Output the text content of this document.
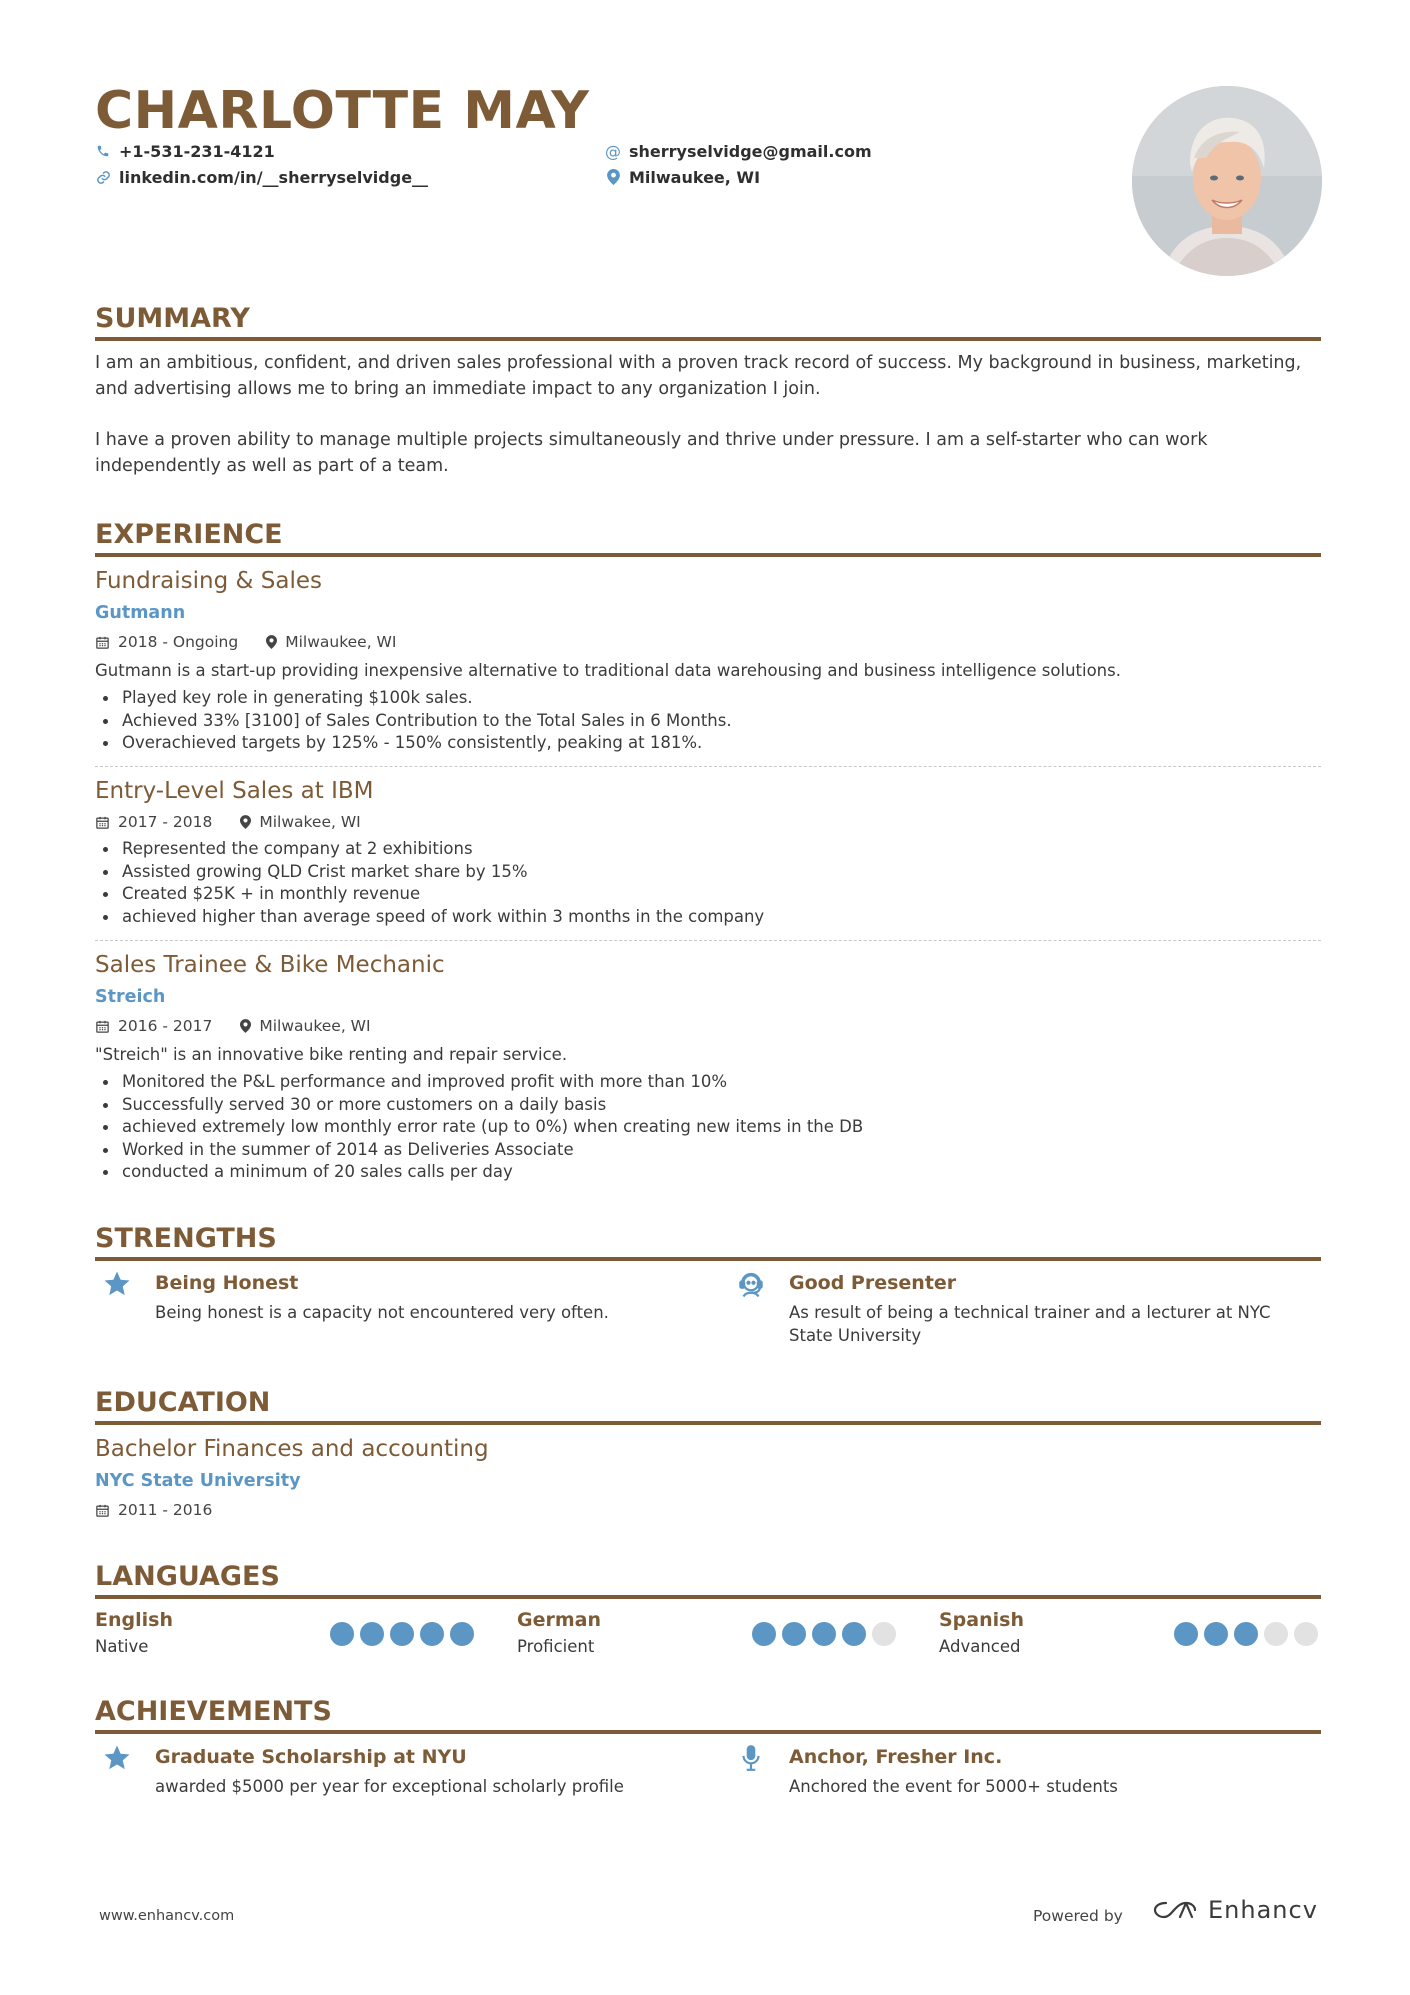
CHARLOTTE MAY
+1-531-231-4121
linkedin.com/in/__sherryselvidge__
@ sherryselvidge@gmail.com
Milwaukee, WI
SUMMARY
I am an ambitious, confident, and driven sales professional with a proven track record of success. My background in business, marketing, and advertising allows me to bring an immediate impact to any organization I join.
I have a proven ability to manage multiple projects simultaneously and thrive under pressure. I am a self-starter who can work independently as well as part of a team.
EXPERIENCE
Fundraising & Sales
Gutmann
2018 - Ongoing	Milwaukee, WI
Gutmann is a start-up providing inexpensive alternative to traditional data warehousing and business intelligence solutions.
Played key role in generating $100k sales.
Achieved 33% [3100] of Sales Contribution to the Total Sales in 6 Months.
Overachieved targets by 125% - 150% consistently, peaking at 181%.
Entry-Level Sales at IBM
2017 - 2018	Milwakee, WI
Represented the company at 2 exhibitions
Assisted growing QLD Crist market share by 15%
Created $25K + in monthly revenue
achieved higher than average speed of work within 3 months in the company
Sales Trainee & Bike Mechanic
Streich
2016 - 2017	Milwaukee, WI
"Streich" is an innovative bike renting and repair service.
Monitored the P&L performance and improved profit with more than 10%
Successfully served 30 or more customers on a daily basis
achieved extremely low monthly error rate (up to 0%) when creating new items in the DB
Worked in the summer of 2014 as Deliveries Associate
conducted a minimum of 20 sales calls per day
STRENGTHS
Being Honest
Being honest is a capacity not encountered very often.
Good Presenter
As result of being a technical trainer and a lecturer at NYC State University
EDUCATION
Bachelor Finances and accounting
NYC State University
2011 - 2016
LANGUAGES
English
Native
German
Proficient
Spanish
Advanced
ACHIEVEMENTS
Graduate Scholarship at NYU
awarded $5000 per year for exceptional scholarly profile
Anchor, Fresher Inc.
Anchored the event for 5000+ students
www.enhancv.com	Powered by	Enhancv
